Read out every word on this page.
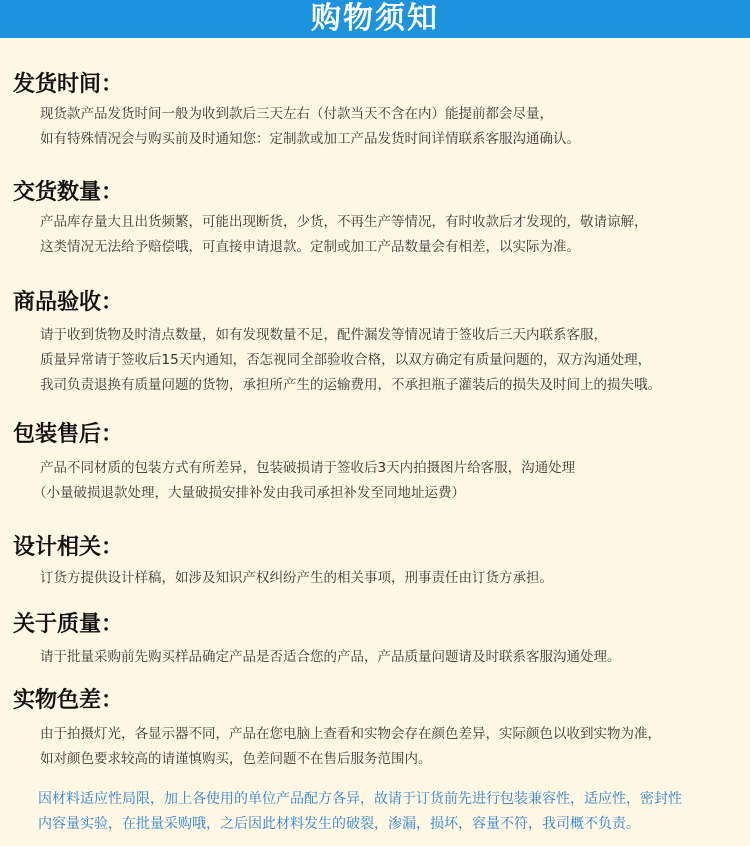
购物须知
发货时间：
现货款产品发货时间一般为收到款后三天左右（付款当天不含在内）能提前都会尽量，
如有特殊情况会与购买前及时通知您：定制款或加工产品发货时间详情联系客服沟通确认。
交货数量：
产品库存量大且出货频繁，可能出现断货，少货，不再生产等情况，有时收款后才发现的，敬请谅解，
这类情况无法给予赔偿哦，可直接申请退款。定制或加工产品数量会有相差，以实际为准。
商品验收：
请于收到货物及时清点数量，如有发现数量不足，配件漏发等情况请于签收后三天内联系客服，
质量异常请于签收后15天内通知，否怎视同全部验收合格，以双方确定有质量问题的，双方沟通处理，
我司负责退换有质量问题的货物，承担所产生的运输费用，不承担瓶子灌装后的损失及时间上的损失哦。
包装售后：
产品不同材质的包装方式有所差异，包装破损请于签收后3天内拍摄图片给客服，沟通处理
（小量破损退款处理，大量破损安排补发由我司承担补发至同地址运费）
设计相关：
订货方提供设计样稿，如涉及知识产权纠纷产生的相关事项，刑事责任由订货方承担。
关于质量：
请于批量采购前先购买样品确定产品是否适合您的产品，产品质量问题请及时联系客服沟通处理。
实物色差：
由于拍摄灯光，各显示器不同，产品在您电脑上查看和实物会存在颜色差异，实际颜色以收到实物为准，
如对颜色要求较高的请谨慎购买，色差问题不在售后服务范围内。
因材料适应性局限，加上各使用的单位产品配方各异，故请于订货前先进行包装兼容性，适应性，密封性
内容量实验，在批量采购哦，之后因此材料发生的破裂，渗漏，损坏，容量不符，我司概不负责。
